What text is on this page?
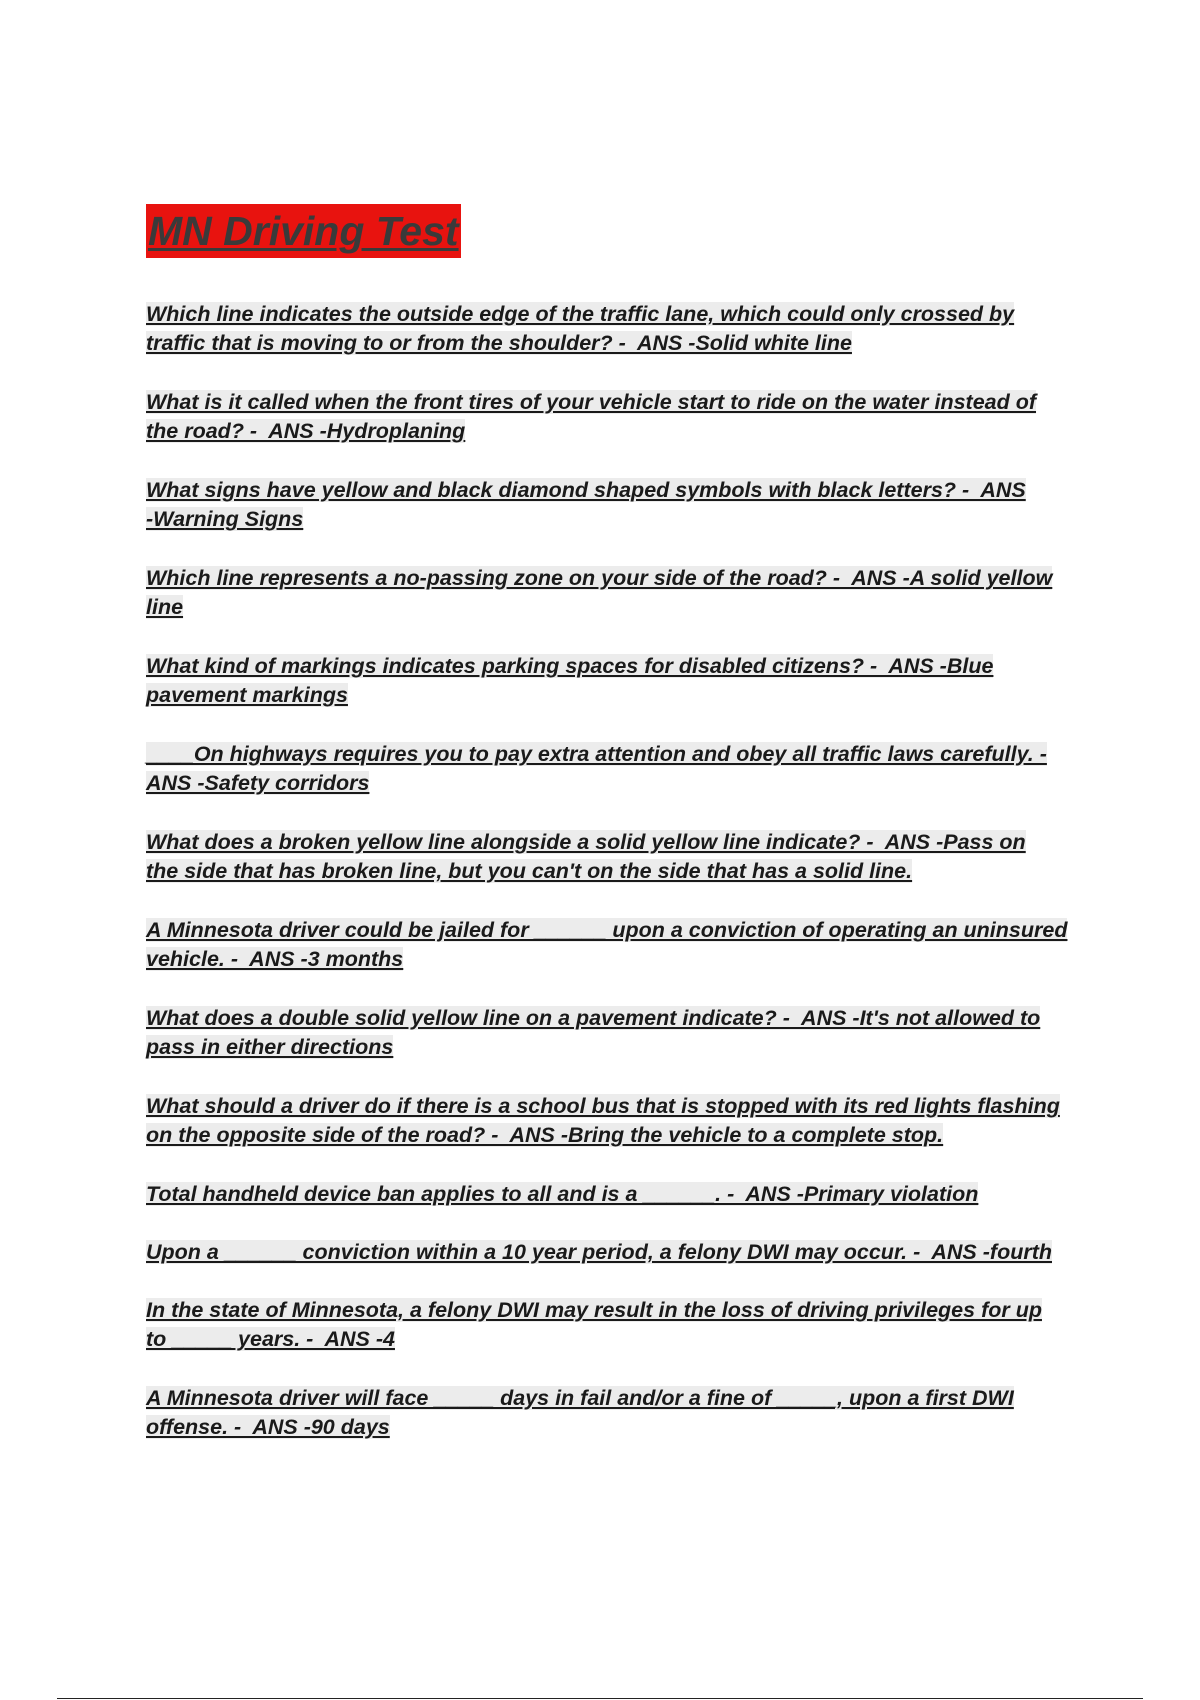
MN Driving Test
Which line indicates the outside edge of the traffic lane, which could only crossed by
traffic that is moving to or from the shoulder? -  ANS -Solid white line
What is it called when the front tires of your vehicle start to ride on the water instead of
the road? -  ANS -Hydroplaning
What signs have yellow and black diamond shaped symbols with black letters? -  ANS
-Warning Signs
Which line represents a no-passing zone on your side of the road? -  ANS -A solid yellow
line
What kind of markings indicates parking spaces for disabled citizens? -  ANS -Blue
pavement markings
____On highways requires you to pay extra attention and obey all traffic laws carefully. -
ANS -Safety corridors
What does a broken yellow line alongside a solid yellow line indicate? -  ANS -Pass on
the side that has broken line, but you can't on the side that has a solid line.
A Minnesota driver could be jailed for ______ upon a conviction of operating an uninsured
vehicle. -  ANS -3 months
What does a double solid yellow line on a pavement indicate? -  ANS -It's not allowed to
pass in either directions
What should a driver do if there is a school bus that is stopped with its red lights flashing
on the opposite side of the road? -  ANS -Bring the vehicle to a complete stop.
Total handheld device ban applies to all and is a ______. -  ANS -Primary violation
Upon a ______ conviction within a 10 year period, a felony DWI may occur. -  ANS -fourth
In the state of Minnesota, a felony DWI may result in the loss of driving privileges for up
to _____ years. -  ANS -4
A Minnesota driver will face _____ days in fail and/or a fine of _____, upon a first DWI
offense. -  ANS -90 days
